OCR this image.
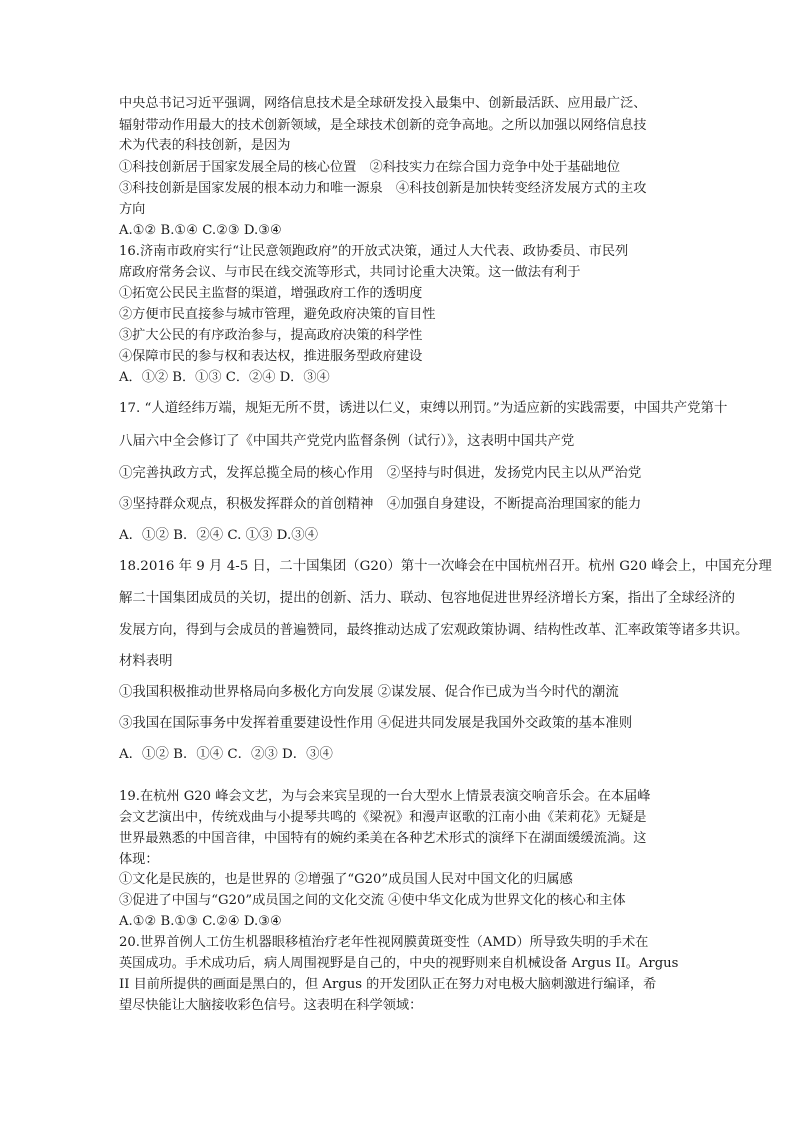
中央总书记习近平强调，网络信息技术是全球研发投入最集中、创新最活跃、应用最广泛、
辐射带动作用最大的技术创新领域，是全球技术创新的竞争高地。之所以加强以网络信息技
术为代表的科技创新，是因为
①科技创新居于国家发展全局的核心位置　②科技实力在综合国力竞争中处于基础地位
③科技创新是国家发展的根本动力和唯一源泉　④科技创新是加快转变经济发展方式的主攻
方向
A.①② B.①④ C.②③ D.③④
16.济南市政府实行“让民意领跑政府”的开放式决策，通过人大代表、政协委员、市民列
席政府常务会议、与市民在线交流等形式，共同讨论重大决策。这一做法有利于
①拓宽公民民主监督的渠道，增强政府工作的透明度
②方便市民直接参与城市管理，避免政府决策的盲目性
③扩大公民的有序政治参与，提高政府决策的科学性
④保障市民的参与权和表达权，推进服务型政府建设
A．①② B．①③ C．②④ D．③④
17. “人道经纬万端，规矩无所不贯，诱进以仁义，束缚以刑罚。”为适应新的实践需要，中国共产党第十
八届六中全会修订了《中国共产党党内监督条例（试行）》，这表明中国共产党
①完善执政方式，发挥总揽全局的核心作用　②坚持与时俱进，发扬党内民主以从严治党
③坚持群众观点，积极发挥群众的首创精神　④加强自身建设，不断提高治理国家的能力
A．①② B．②④ C. ①③ D.③④
18.2016 年 9 月 4-5 日，二十国集团（G20）第十一次峰会在中国杭州召开。杭州 G20 峰会上，中国充分理
解二十国集团成员的关切，提出的创新、活力、联动、包容地促进世界经济增长方案，指出了全球经济的
发展方向，得到与会成员的普遍赞同，最终推动达成了宏观政策协调、结构性改革、汇率政策等诸多共识。
材料表明
①我国积极推动世界格局向多极化方向发展 ②谋发展、促合作已成为当今时代的潮流
③我国在国际事务中发挥着重要建设性作用 ④促进共同发展是我国外交政策的基本准则
A．①② B．①④ C．②③ D．③④
19.在杭州 G20 峰会文艺，为与会来宾呈现的一台大型水上情景表演交响音乐会。在本届峰
会文艺演出中，传统戏曲与小提琴共鸣的《梁祝》和漫声讴歌的江南小曲《茉莉花》无疑是
世界最熟悉的中国音律，中国特有的婉约柔美在各种艺术形式的演绎下在湖面缓缓流淌。这
体现：
①文化是民族的，也是世界的 ②增强了“G20”成员国人民对中国文化的归属感
③促进了中国与“G20”成员国之间的文化交流 ④使中华文化成为世界文化的核心和主体
A.①② B.①③ C.②④ D.③④
20.世界首例人工仿生机器眼移植治疗老年性视网膜黄斑变性（AMD）所导致失明的手术在
英国成功。手术成功后，病人周围视野是自己的，中央的视野则来自机械设备 Argus II。Argus
II 目前所提供的画面是黑白的，但 Argus 的开发团队正在努力对电极大脑刺激进行编译，希
望尽快能让大脑接收彩色信号。这表明在科学领域：
